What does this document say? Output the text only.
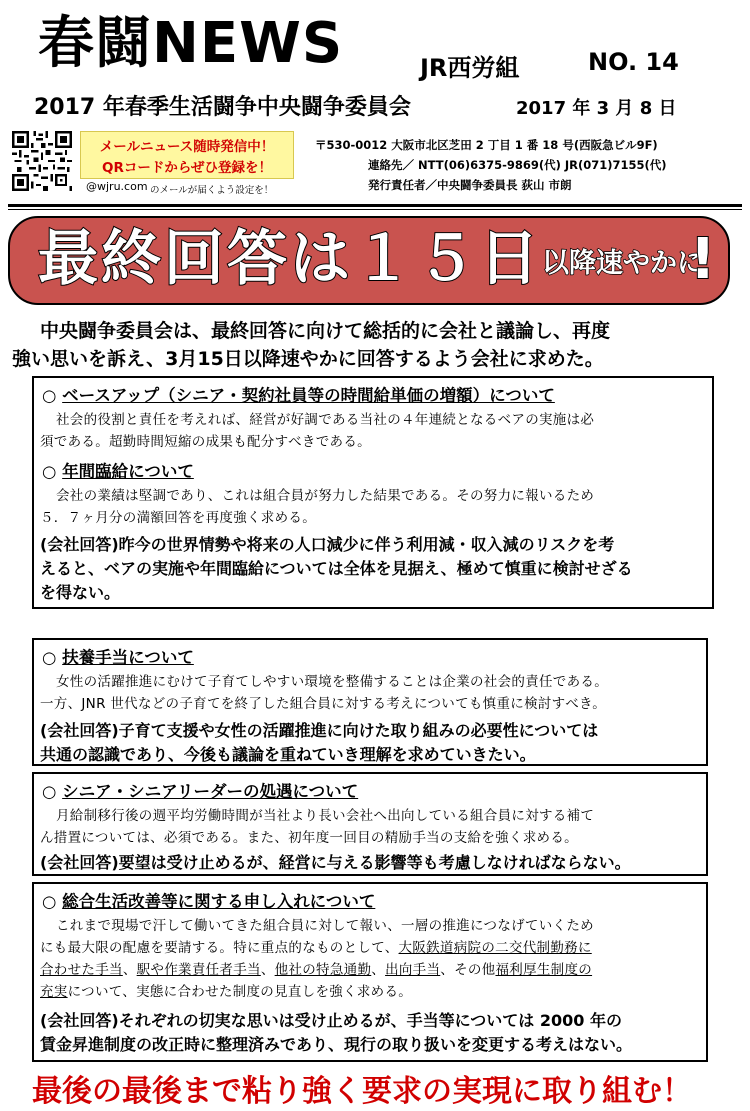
春闘NEWS	JR西労組	NO. 14
2017 年春季生活闘争中央闘争委員会	2017 年 3 月 8 日
メールニュース随時発信中！
QRコードからぜひ登録を！
@wjru.com のメールが届くよう設定を！
〒530-0012 大阪市北区芝田 2 丁目 1 番 18 号(西阪急ビル9F)
連絡先／ NTT(06)6375-9869(代) JR(071)7155(代)
発行責任者／中央闘争委員長 荻山 市朗
最終回答は１５日 以降速やかに
!
中央闘争委員会は、最終回答に向けて総括的に会社と議論し、再度
強い思いを訴え、3月15日以降速やかに回答するよう会社に求めた。
○ ベースアップ（シニア・契約社員等の時間給単価の増額）について
社会的役割と責任を考えれば、経営が好調である当社の４年連続となるベアの実施は必
須である。超勤時間短縮の成果も配分すべきである。
○ 年間臨給について
会社の業績は堅調であり、これは組合員が努力した結果である。その努力に報いるため
５．７ヶ月分の満額回答を再度強く求める。
(会社回答)昨今の世界情勢や将来の人口減少に伴う利用減・収入減のリスクを考
えると、ベアの実施や年間臨給については全体を見据え、極めて慎重に検討せざる
を得ない。
○ 扶養手当について
女性の活躍推進にむけて子育てしやすい環境を整備することは企業の社会的責任である。
一方、JNR 世代などの子育てを終了した組合員に対する考えについても慎重に検討すべき。
(会社回答)子育て支援や女性の活躍推進に向けた取り組みの必要性については
共通の認識であり、今後も議論を重ねていき理解を求めていきたい。
○ シニア・シニアリーダーの処遇について
月給制移行後の週平均労働時間が当社より長い会社へ出向している組合員に対する補て
ん措置については、必須である。また、初年度一回目の精励手当の支給を強く求める。
(会社回答)要望は受け止めるが、経営に与える影響等も考慮しなければならない。
○ 総合生活改善等に関する申し入れについて
これまで現場で汗して働いてきた組合員に対して報い、一層の推進につなげていくため
にも最大限の配慮を要請する。特に重点的なものとして、大阪鉄道病院の二交代制勤務に
合わせた手当、駅や作業責任者手当、他社の特急通勤、出向手当、その他福利厚生制度の
充実について、実態に合わせた制度の見直しを強く求める。
(会社回答)それぞれの切実な思いは受け止めるが、手当等については 2000 年の
賃金昇進制度の改正時に整理済みであり、現行の取り扱いを変更する考えはない。
最後の最後まで粘り強く要求の実現に取り組む！
